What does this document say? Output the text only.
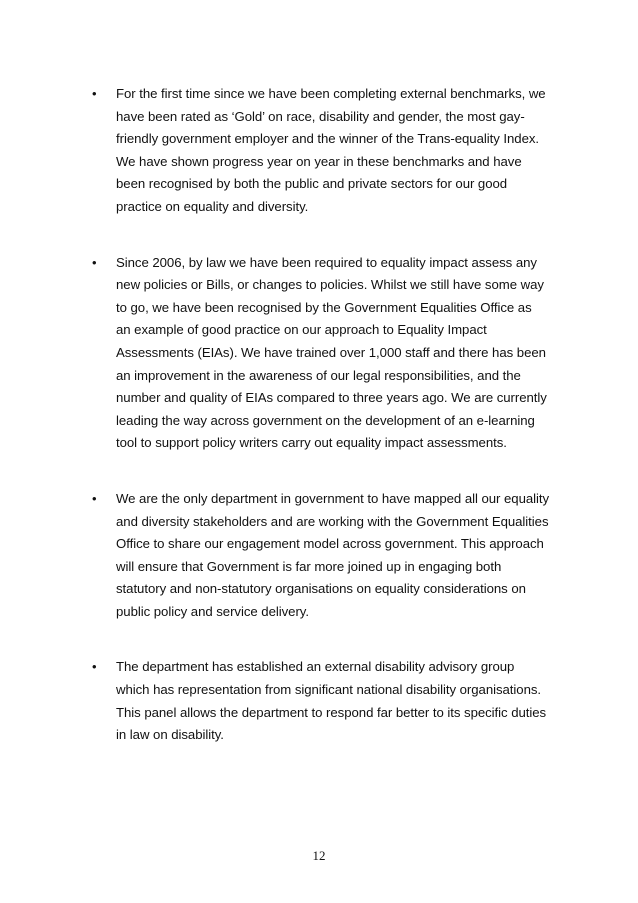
•	For the first time since we have been completing external benchmarks, we
have been rated as ‘Gold’ on race, disability and gender, the most gay-
friendly government employer and the winner of the Trans-equality Index.
We have shown progress year on year in these benchmarks and have
been recognised by both the public and private sectors for our good
practice on equality and diversity.
•	Since 2006, by law we have been required to equality impact assess any
new policies or Bills, or changes to policies. Whilst we still have some way
to go, we have been recognised by the Government Equalities Office as
an example of good practice on our approach to Equality Impact
Assessments (EIAs). We have trained over 1,000 staff and there has been
an improvement in the awareness of our legal responsibilities, and the
number and quality of EIAs compared to three years ago. We are currently
leading the way across government on the development of an e-learning
tool to support policy writers carry out equality impact assessments.
•	We are the only department in government to have mapped all our equality
and diversity stakeholders and are working with the Government Equalities
Office to share our engagement model across government. This approach
will ensure that Government is far more joined up in engaging both
statutory and non-statutory organisations on equality considerations on
public policy and service delivery.
•	The department has established an external disability advisory group
which has representation from significant national disability organisations.
This panel allows the department to respond far better to its specific duties
in law on disability.
12
